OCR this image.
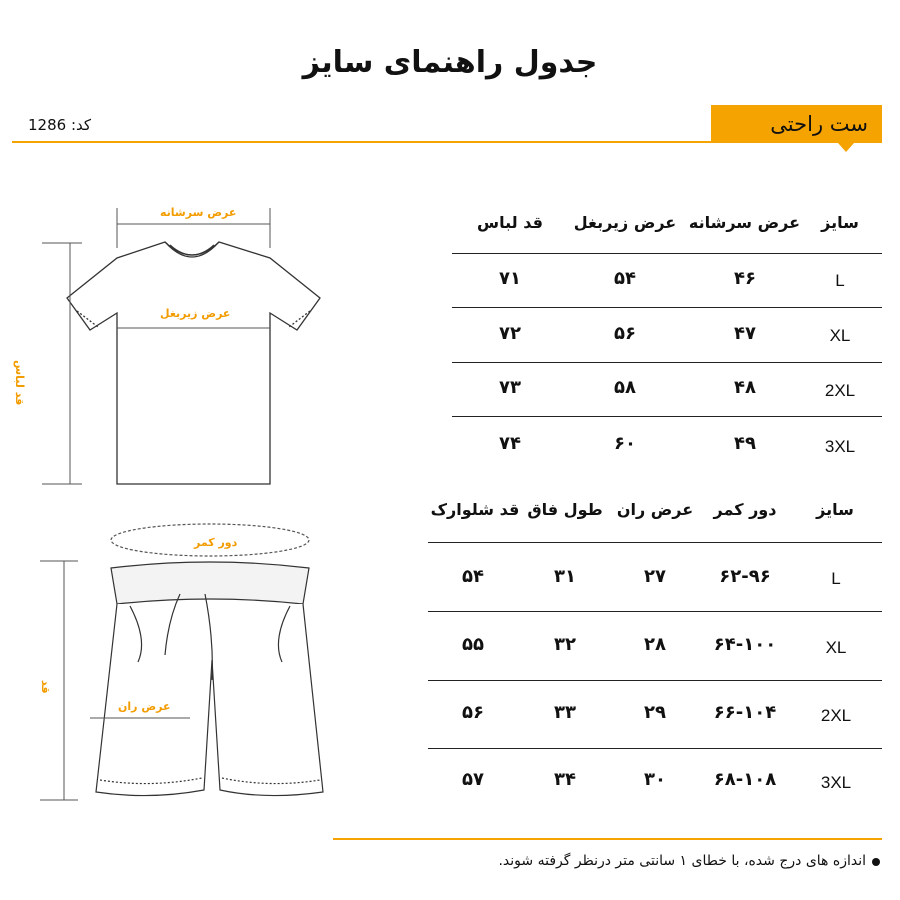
جدول راهنمای سایز
کد: 1286	ست راحتی
عرض سرشانه
عرض زیربغل
قد لباس
دور کمر
عرض ران
قد
سایز
عرض سرشانه
عرض زیربغل
قد لباس
L
۴۶
۵۴
۷۱
XL
۴۷
۵۶
۷۲
2XL
۴۸
۵۸
۷۳
3XL
۴۹
۶۰
۷۴
سایز
دور کمر
عرض ران
طول فاق
قد شلوارک
L
۶۲-۹۶
۲۷
۳۱
۵۴
XL
۶۴-۱۰۰
۲۸
۳۲
۵۵
2XL
۶۶-۱۰۴
۲۹
۳۳
۵۶
3XL
۶۸-۱۰۸
۳۰
۳۴
۵۷
اندازه های درج شده، با خطای ۱ سانتی متر درنظر گرفته شوند.
